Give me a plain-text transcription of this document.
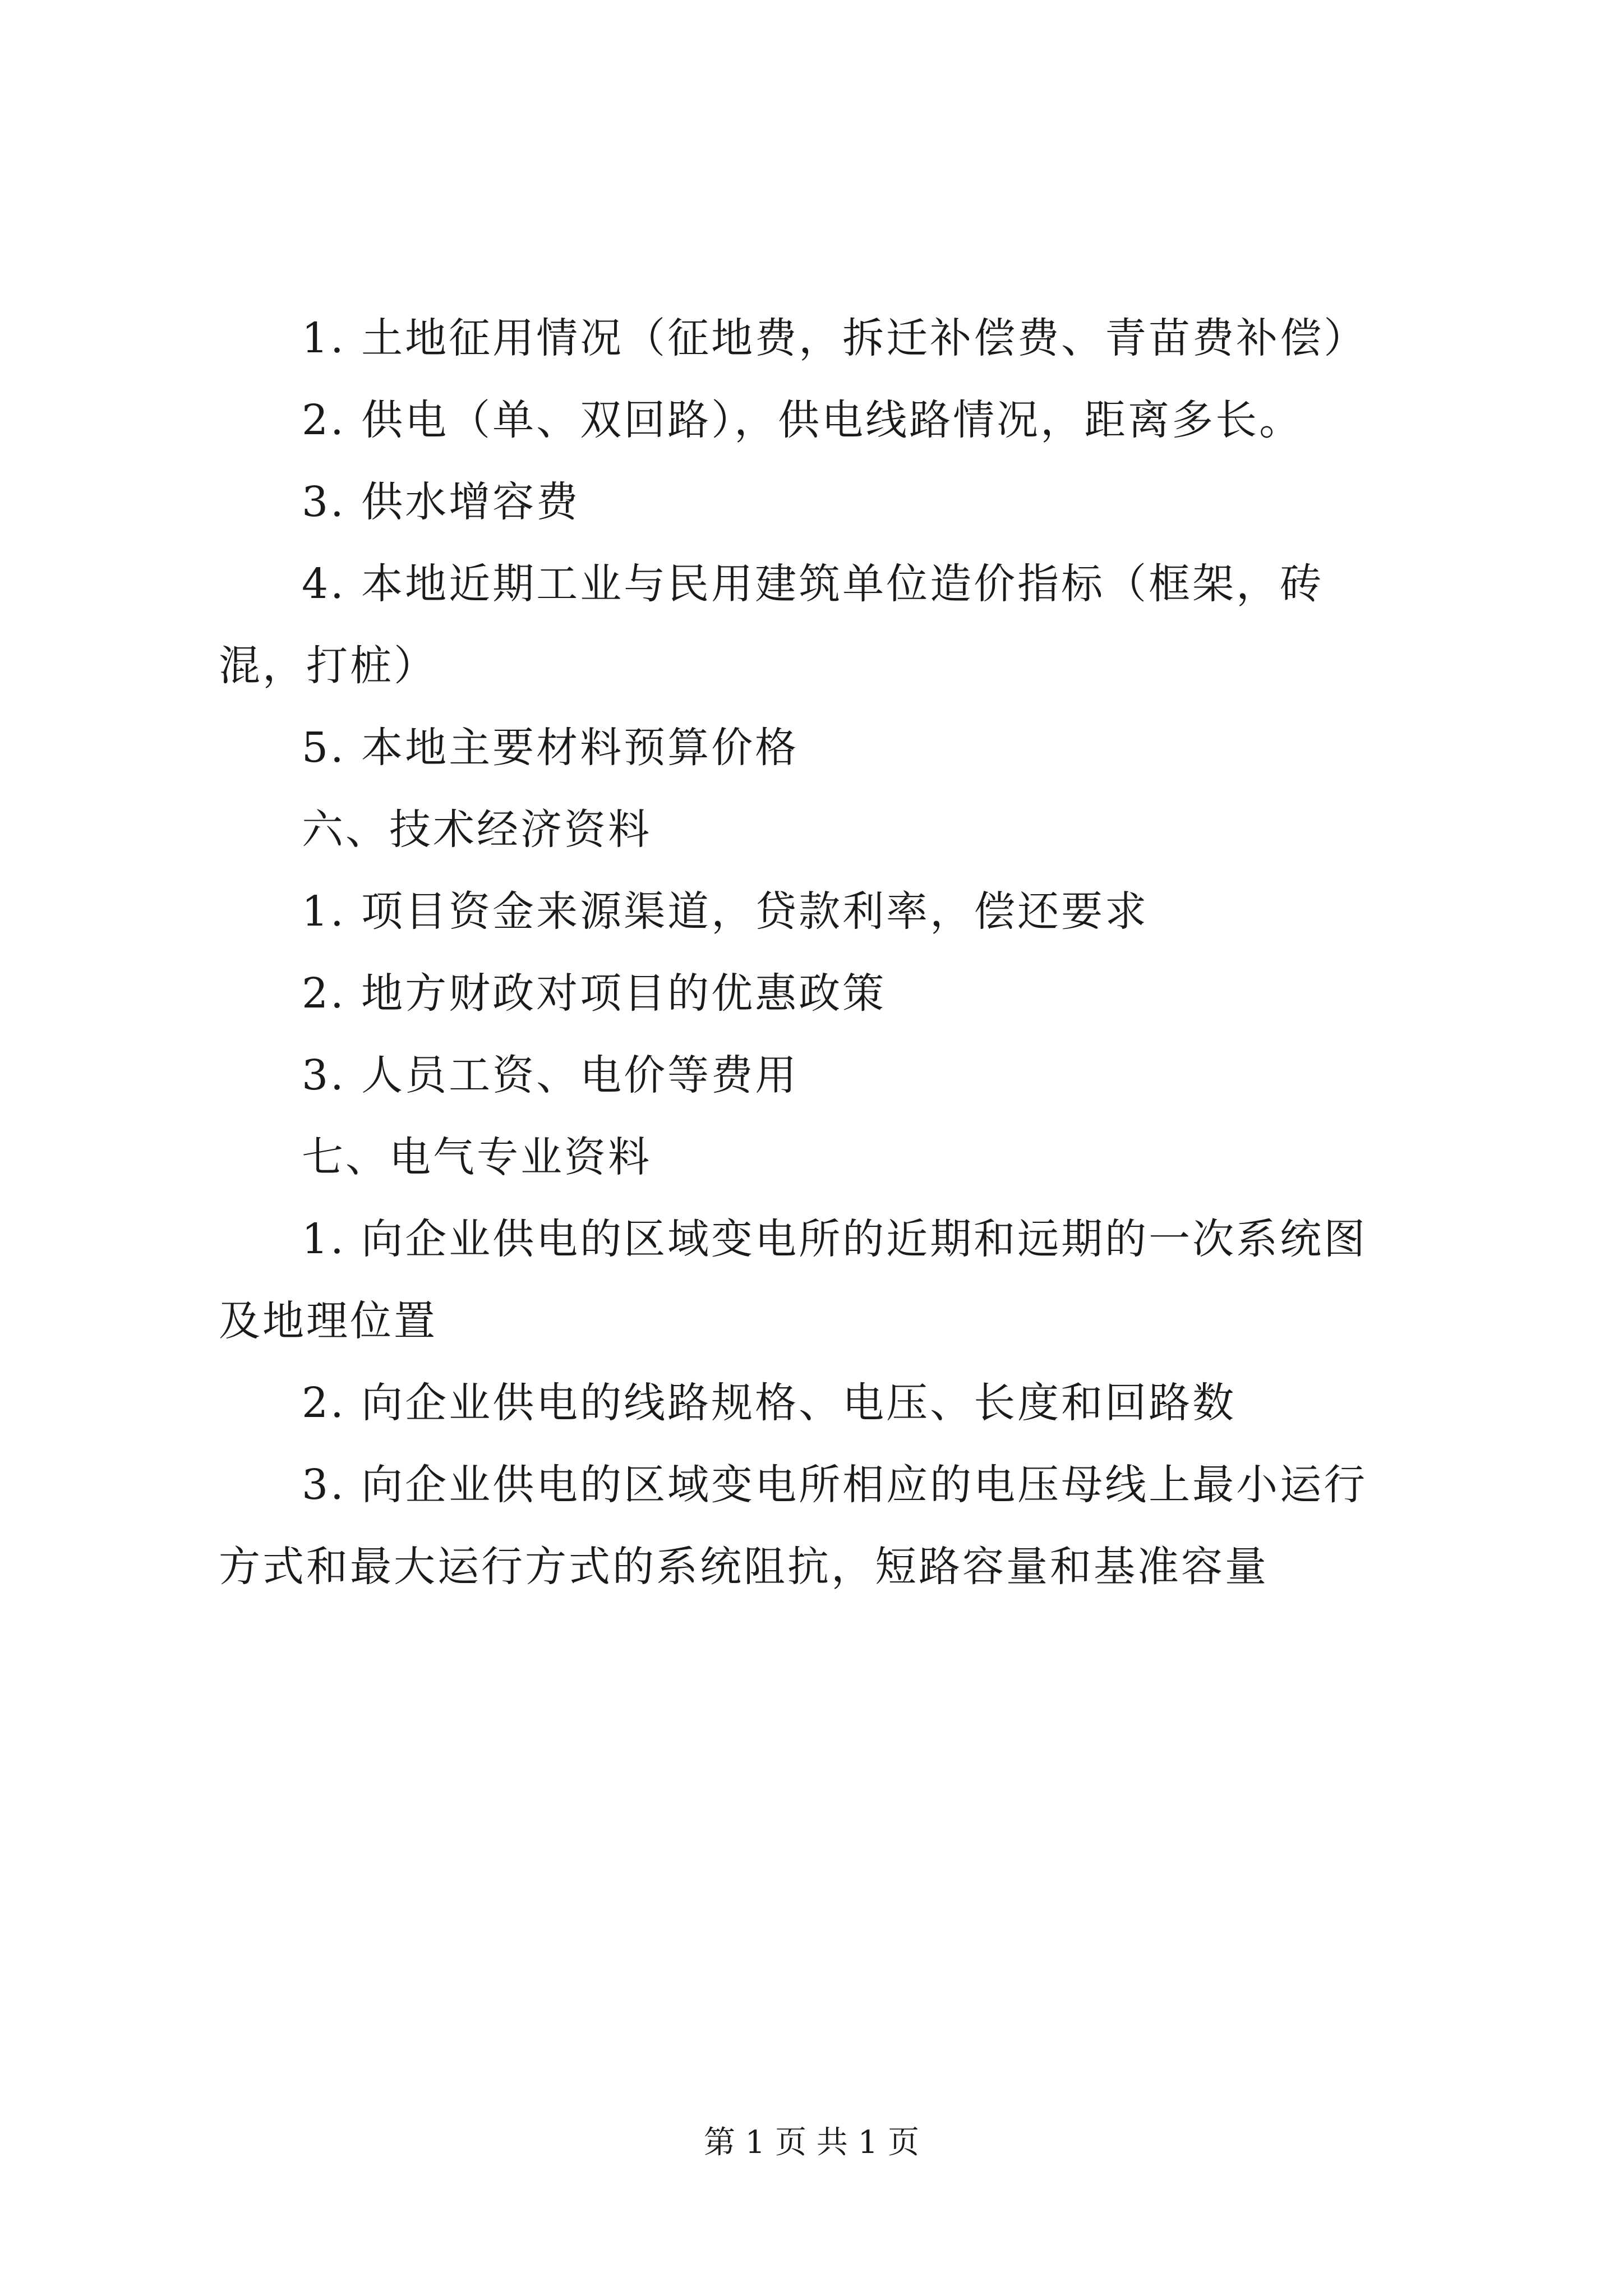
1. 土地征用情况（征地费，拆迁补偿费、青苗费补偿）

2. 供电（单、双回路），供电线路情况，距离多长。

3. 供水增容费

4. 本地近期工业与民用建筑单位造价指标（框架，砖混，打桩）

5. 本地主要材料预算价格

六、技术经济资料

1. 项目资金来源渠道，贷款利率，偿还要求

2. 地方财政对项目的优惠政策

3. 人员工资、电价等费用

七、电气专业资料

1. 向企业供电的区域变电所的近期和远期的一次系统图及地理位置

2. 向企业供电的线路规格、电压、长度和回路数

3. 向企业供电的区域变电所相应的电压母线上最小运行方式和最大运行方式的系统阻抗，短路容量和基准容量

第 1 页 共 1 页
